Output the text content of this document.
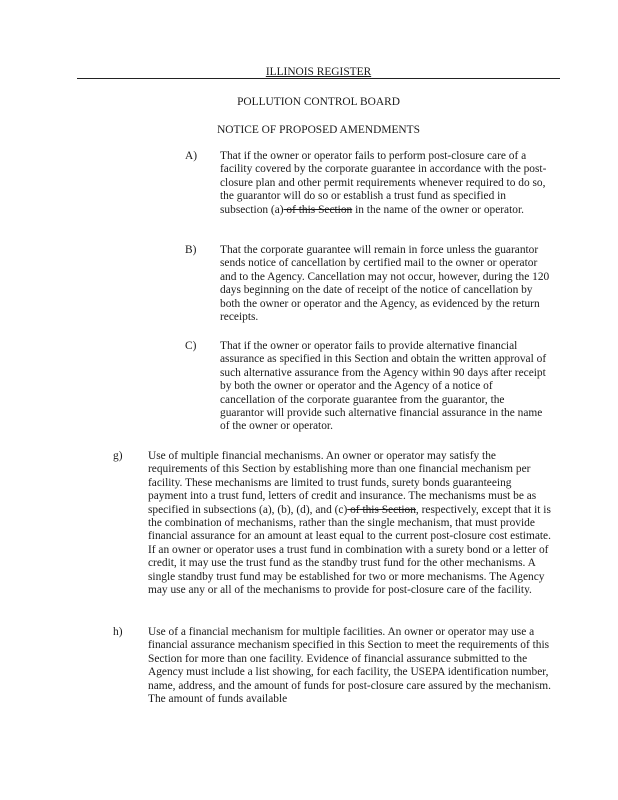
ILLINOIS REGISTER
POLLUTION CONTROL BOARD
NOTICE OF PROPOSED AMENDMENTS
A) That if the owner or operator fails to perform post-closure care of a facility covered by the corporate guarantee in accordance with the post-closure plan and other permit requirements whenever required to do so, the guarantor will do so or establish a trust fund as specified in subsection (a) of this Section in the name of the owner or operator.
B) That the corporate guarantee will remain in force unless the guarantor sends notice of cancellation by certified mail to the owner or operator and to the Agency. Cancellation may not occur, however, during the 120 days beginning on the date of receipt of the notice of cancellation by both the owner or operator and the Agency, as evidenced by the return receipts.
C) That if the owner or operator fails to provide alternative financial assurance as specified in this Section and obtain the written approval of such alternative assurance from the Agency within 90 days after receipt by both the owner or operator and the Agency of a notice of cancellation of the corporate guarantee from the guarantor, the guarantor will provide such alternative financial assurance in the name of the owner or operator.
g) Use of multiple financial mechanisms. An owner or operator may satisfy the requirements of this Section by establishing more than one financial mechanism per facility. These mechanisms are limited to trust funds, surety bonds guaranteeing payment into a trust fund, letters of credit and insurance. The mechanisms must be as specified in subsections (a), (b), (d), and (c) of this Section, respectively, except that it is the combination of mechanisms, rather than the single mechanism, that must provide financial assurance for an amount at least equal to the current post-closure cost estimate. If an owner or operator uses a trust fund in combination with a surety bond or a letter of credit, it may use the trust fund as the standby trust fund for the other mechanisms. A single standby trust fund may be established for two or more mechanisms. The Agency may use any or all of the mechanisms to provide for post-closure care of the facility.
h) Use of a financial mechanism for multiple facilities. An owner or operator may use a financial assurance mechanism specified in this Section to meet the requirements of this Section for more than one facility. Evidence of financial assurance submitted to the Agency must include a list showing, for each facility, the USEPA identification number, name, address, and the amount of funds for post-closure care assured by the mechanism. The amount of funds available
